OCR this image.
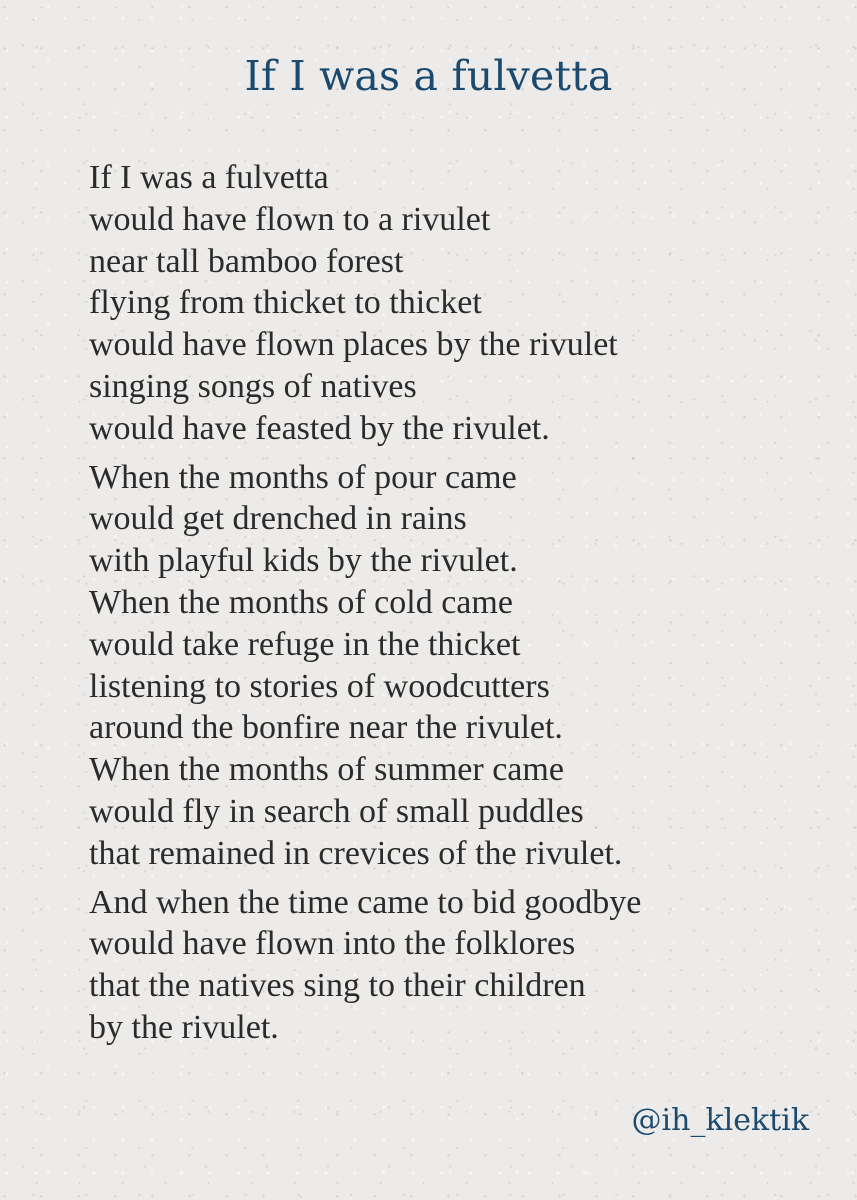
If I was a fulvetta

If I was a fulvetta
would have flown to a rivulet
near tall bamboo forest
flying from thicket to thicket
would have flown places by the rivulet
singing songs of natives
would have feasted by the rivulet.

When the months of pour came
would get drenched in rains
with playful kids by the rivulet.
When the months of cold came
would take refuge in the thicket
listening to stories of woodcutters
around the bonfire near the rivulet.
When the months of summer came
would fly in search of small puddles
that remained in crevices of the rivulet.

And when the time came to bid goodbye
would have flown into the folklores
that the natives sing to their children
by the rivulet.

@ih_klektik
